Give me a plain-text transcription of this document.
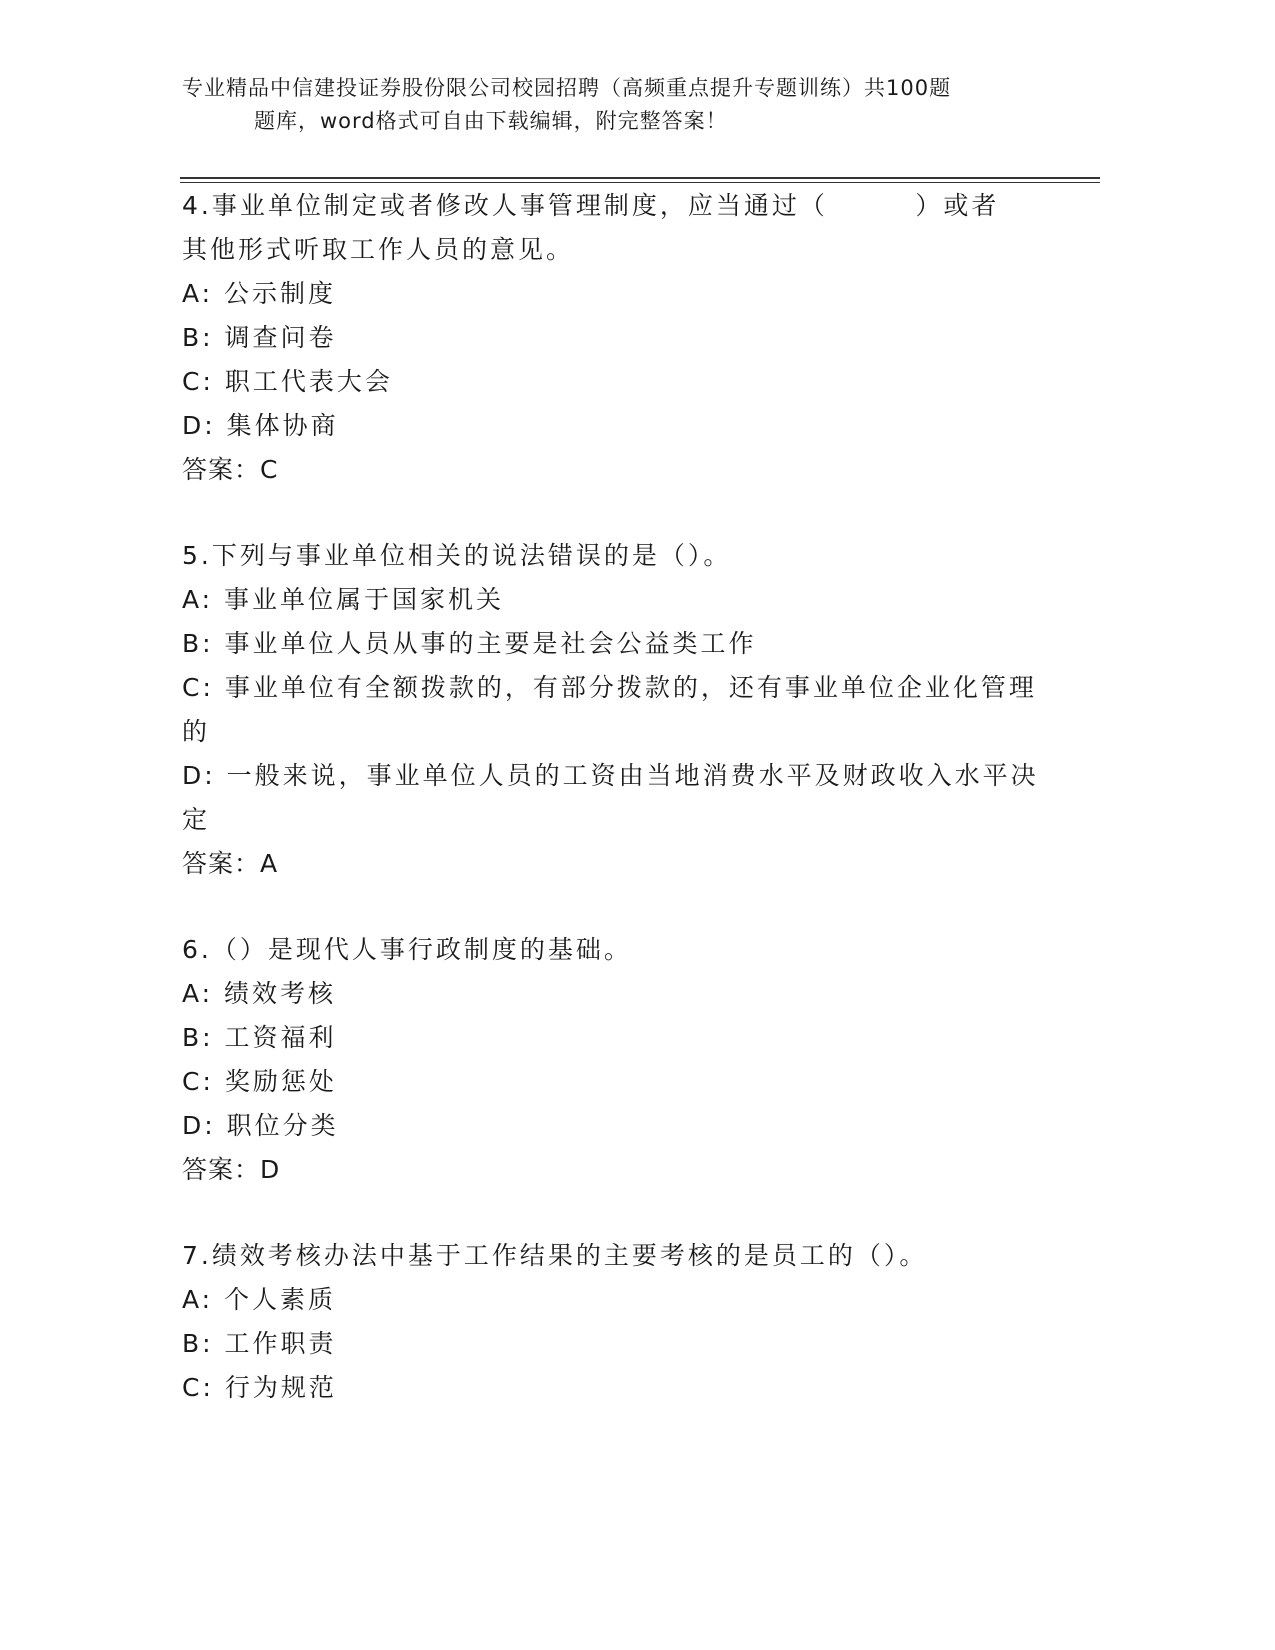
专业精品中信建投证券股份限公司校园招聘（高频重点提升专题训练）共100题
题库，word格式可自由下载编辑，附完整答案！
4.事业单位制定或者修改人事管理制度，应当通过（        ）或者
其他形式听取工作人员的意见。
A: 公示制度
B: 调查问卷
C: 职工代表大会
D: 集体协商
答案：C
5.下列与事业单位相关的说法错误的是（）。
A: 事业单位属于国家机关
B: 事业单位人员从事的主要是社会公益类工作
C: 事业单位有全额拨款的，有部分拨款的，还有事业单位企业化管理
的
D: 一般来说，事业单位人员的工资由当地消费水平及财政收入水平决
定
答案：A
6.（）是现代人事行政制度的基础。
A: 绩效考核
B: 工资福利
C: 奖励惩处
D: 职位分类
答案：D
7.绩效考核办法中基于工作结果的主要考核的是员工的（）。
A: 个人素质
B: 工作职责
C: 行为规范
